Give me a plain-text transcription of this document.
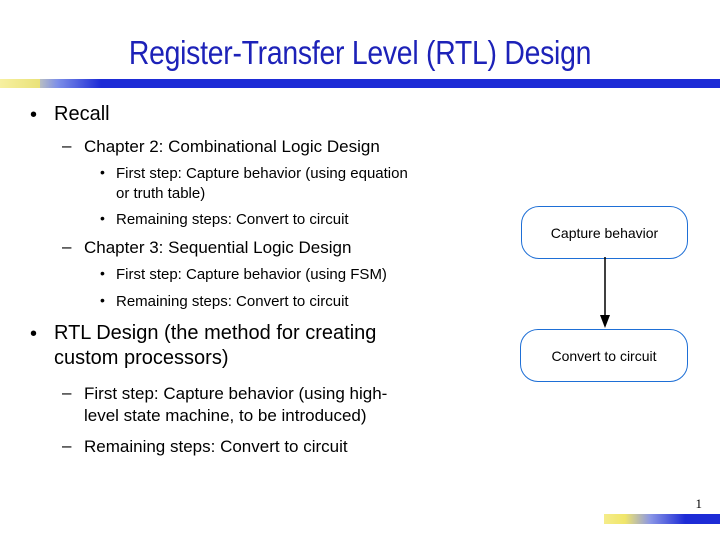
Register-Transfer Level (RTL) Design
• Recall
– Chapter 2: Combinational Logic Design
• First step: Capture behavior (using equation
or truth table)
• Remaining steps: Convert to circuit
– Chapter 3: Sequential Logic Design
• First step: Capture behavior (using FSM)
• Remaining steps: Convert to circuit
• RTL Design (the method for creating
custom processors)
– First step: Capture behavior (using high-
level state machine, to be introduced)
– Remaining steps: Convert to circuit
Capture behavior
Convert to circuit
1
